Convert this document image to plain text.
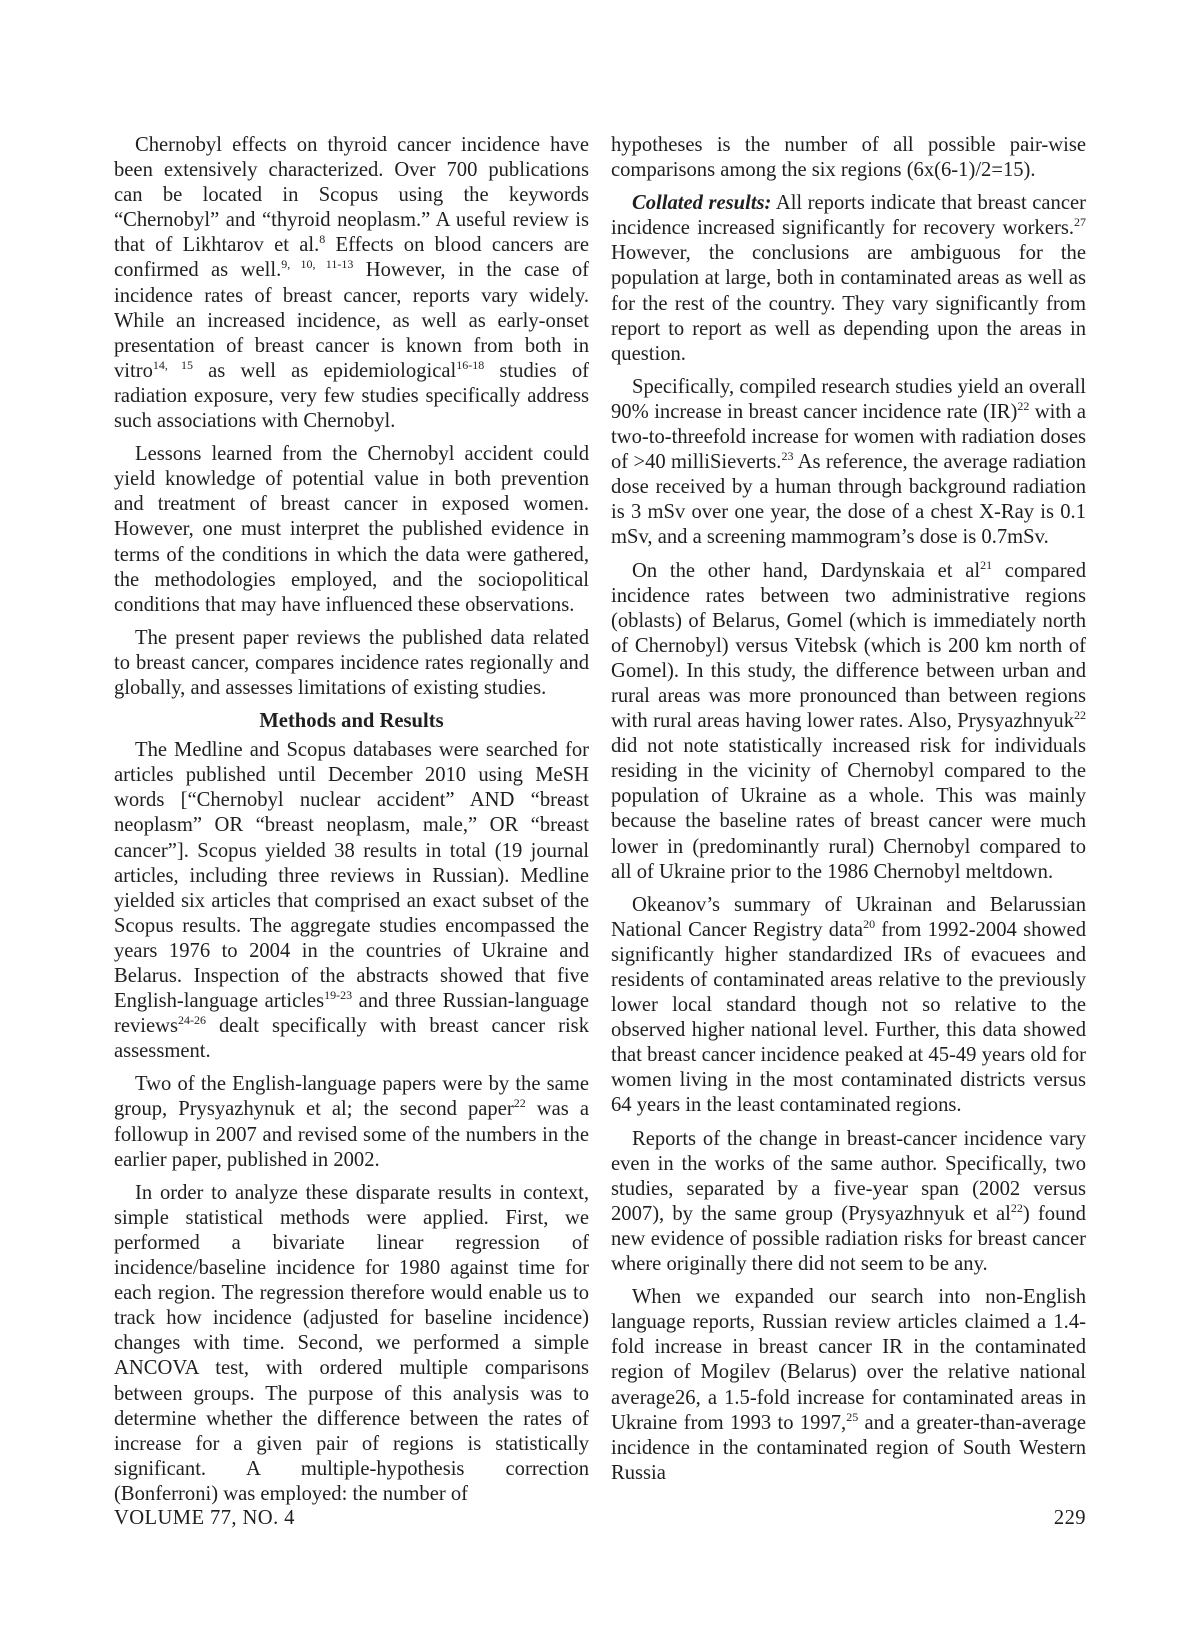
Chernobyl effects on thyroid cancer incidence have been extensively characterized. Over 700 publications can be located in Scopus using the keywords “Chernobyl” and “thyroid neoplasm.” A useful review is that of Likhtarov et al.$^8$ Effects on blood cancers are confirmed as well.$^{9, 10, 11-13}$ However, in the case of incidence rates of breast cancer, reports vary widely. While an increased incidence, as well as early-onset presentation of breast cancer is known from both in vitro$^{14, 15}$ as well as epidemiological$^{16-18}$ studies of radiation exposure, very few studies specifically address such associations with Chernobyl.

Lessons learned from the Chernobyl accident could yield knowledge of potential value in both prevention and treatment of breast cancer in exposed women. However, one must interpret the published evidence in terms of the conditions in which the data were gathered, the methodologies employed, and the sociopolitical conditions that may have influenced these observations.

The present paper reviews the published data related to breast cancer, compares incidence rates regionally and globally, and assesses limitations of existing studies.

Methods and Results

The Medline and Scopus databases were searched for articles published until December 2010 using MeSH words [“Chernobyl nuclear accident” AND “breast neoplasm” OR “breast neoplasm, male,” OR “breast cancer”]. Scopus yielded 38 results in total (19 journal articles, including three reviews in Russian). Medline yielded six articles that comprised an exact subset of the Scopus results. The aggregate studies encompassed the years 1976 to 2004 in the countries of Ukraine and Belarus. Inspection of the abstracts showed that five English-language articles$^{19-23}$ and three Russian-language reviews$^{24-26}$ dealt specifically with breast cancer risk assessment.

Two of the English-language papers were by the same group, Prysyazhynuk et al; the second paper$^{22}$ was a followup in 2007 and revised some of the numbers in the earlier paper, published in 2002.

In order to analyze these disparate results in context, simple statistical methods were applied. First, we performed a bivariate linear regression of incidence/baseline incidence for 1980 against time for each region. The regression therefore would enable us to track how incidence (adjusted for baseline incidence) changes with time. Second, we performed a simple ANCOVA test, with ordered multiple comparisons between groups. The purpose of this analysis was to determine whether the difference between the rates of increase for a given pair of regions is statistically significant. A multiple-hypothesis correction (Bonferroni) was employed: the number of

hypotheses is the number of all possible pair-wise comparisons among the six regions (6x(6-1)/2=15).

Collated results: All reports indicate that breast cancer incidence increased significantly for recovery workers.$^{27}$ However, the conclusions are ambiguous for the population at large, both in contaminated areas as well as for the rest of the country. They vary significantly from report to report as well as depending upon the areas in question.

Specifically, compiled research studies yield an overall 90% increase in breast cancer incidence rate (IR)$^{22}$ with a two-to-threefold increase for women with radiation doses of >40 milliSieverts.$^{23}$ As reference, the average radiation dose received by a human through background radiation is 3 mSv over one year, the dose of a chest X-Ray is 0.1 mSv, and a screening mammogram’s dose is 0.7mSv.

On the other hand, Dardynskaia et $al^{21}$ compared incidence rates between two administrative regions (oblasts) of Belarus, Gomel (which is immediately north of Chernobyl) versus Vitebsk (which is 200 km north of Gomel). In this study, the difference between urban and rural areas was more pronounced than between regions with rural areas having lower rates. Also, Prysyazhnyuk$^{22}$ did not note statistically increased risk for individuals residing in the vicinity of Chernobyl compared to the population of Ukraine as a whole. This was mainly because the baseline rates of breast cancer were much lower in (predominantly rural) Chernobyl compared to all of Ukraine prior to the 1986 Chernobyl meltdown.

Okeanov’s summary of Ukrainan and Belarussian National Cancer Registry data$^{20}$ from 1992-2004 showed significantly higher standardized IRs of evacuees and residents of contaminated areas relative to the previously lower local standard though not so relative to the observed higher national level. Further, this data showed that breast cancer incidence peaked at 45-49 years old for women living in the most contaminated districts versus 64 years in the least contaminated regions.

Reports of the change in breast-cancer incidence vary even in the works of the same author. Specifically, two studies, separated by a five-year span (2002 versus 2007), by the same group (Prysyazhnyuk et $al^{22}$) found new evidence of possible radiation risks for breast cancer where originally there did not seem to be any.

When we expanded our search into non-English language reports, Russian review articles claimed a 1.4-fold increase in breast cancer IR in the contaminated region of Mogilev (Belarus) over the relative national average26, a 1.5-fold increase for contaminated areas in Ukraine from 1993 to 1997,25 and a greater-than-average incidence in the contaminated region of South Western Russia

VOLUME 77, NO. 4	229
